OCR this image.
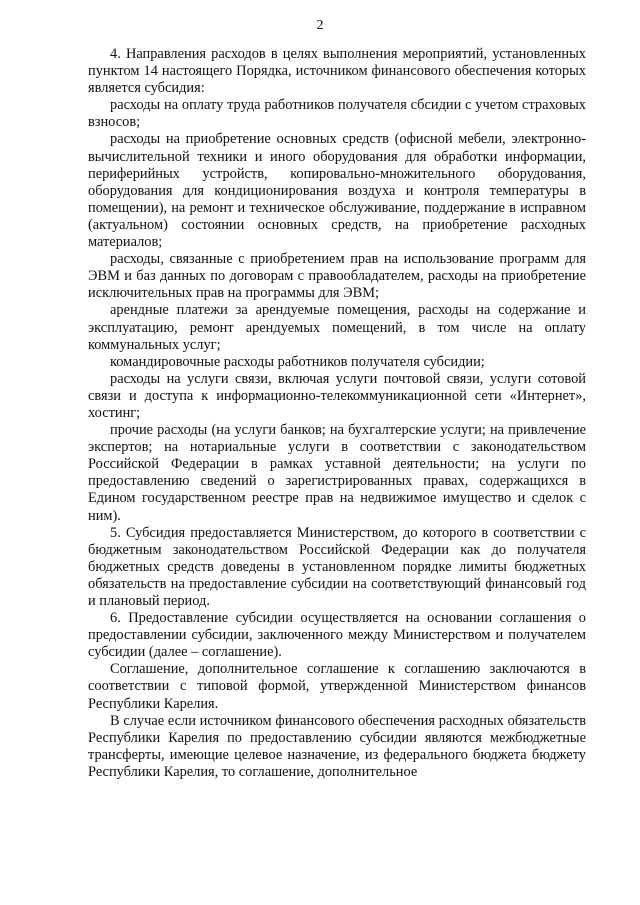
2

4. Направления расходов в целях выполнения мероприятий, установленных пунктом 14 настоящего Порядка, источником финансового обеспечения которых является субсидия:

расходы на оплату труда работников получателя сбсидии с учетом страховых взносов;

расходы на приобретение основных средств (офисной мебели, электронно-вычислительной техники и иного оборудования для обработки информации, периферийных устройств, копировально-множительного оборудования, оборудования для кондиционирования воздуха и контроля температуры в помещении), на ремонт и техническое обслуживание, поддержание в исправном (актуальном) состоянии основных средств, на приобретение расходных материалов;

расходы, связанные с приобретением прав на использование программ для ЭВМ и баз данных по договорам с правообладателем, расходы на приобретение исключительных прав на программы для ЭВМ;

арендные платежи за арендуемые помещения, расходы на содержание и эксплуатацию, ремонт арендуемых помещений, в том числе на оплату коммунальных услуг;

командировочные расходы работников получателя субсидии;

расходы на услуги связи, включая услуги почтовой связи, услуги сотовой связи и доступа к информационно-телекоммуникационной сети «Интернет», хостинг;

прочие расходы (на услуги банков; на бухгалтерские услуги; на привлечение экспертов; на нотариальные услуги в соответствии с законодательством Российской Федерации в рамках уставной деятельности; на услуги по предоставлению сведений о зарегистрированных правах, содержащихся в Едином государственном реестре прав на недвижимое имущество и сделок с ним).

5. Субсидия предоставляется Министерством, до которого в соответствии с бюджетным законодательством Российской Федерации как до получателя бюджетных средств доведены в установленном порядке лимиты бюджетных обязательств на предоставление субсидии на соответствующий финансовый год и плановый период.

6. Предоставление субсидии осуществляется на основании соглашения о предоставлении субсидии, заключенного между Министерством и получателем субсидии (далее – соглашение).

Соглашение, дополнительное соглашение к соглашению заключаются в соответствии с типовой формой, утвержденной Министерством финансов Республики Карелия.

В случае если источником финансового обеспечения расходных обязательств Республики Карелия по предоставлению субсидии являются межбюджетные трансферты, имеющие целевое назначение, из федерального бюджета бюджету Республики Карелия, то соглашение, дополнительное
